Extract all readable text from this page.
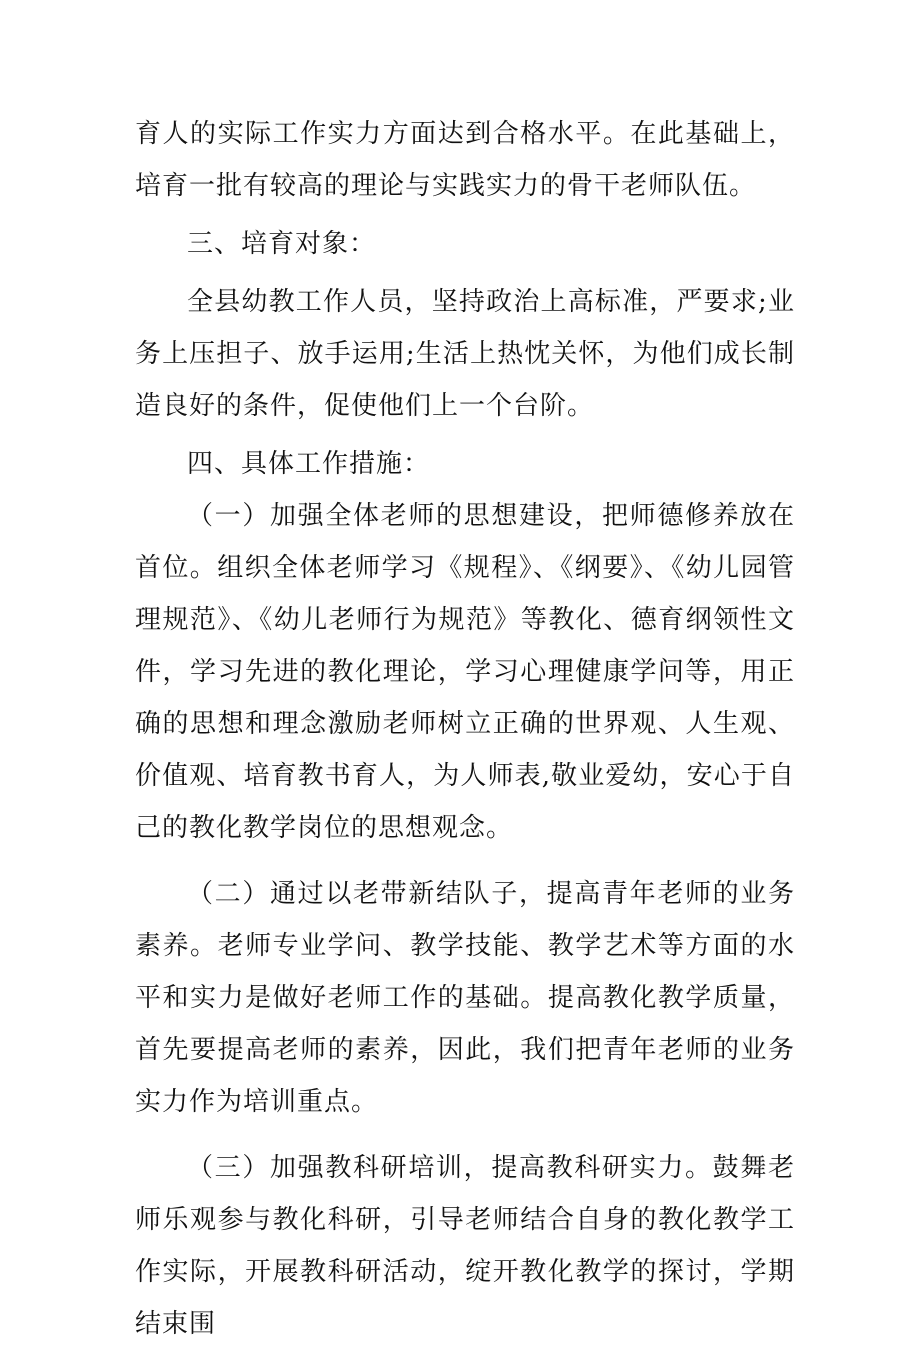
育人的实际工作实力方面达到合格水平。在此基础上，培育一批有较高的理论与实践实力的骨干老师队伍。

三、培育对象：

全县幼教工作人员，坚持政治上高标准，严要求;业务上压担子、放手运用;生活上热忱关怀，为他们成长制造良好的条件，促使他们上一个台阶。

四、具体工作措施：

（一）加强全体老师的思想建设，把师德修养放在首位。组织全体老师学习《规程》、《纲要》、《幼儿园管理规范》、《幼儿老师行为规范》等教化、德育纲领性文件，学习先进的教化理论，学习心理健康学问等，用正确的思想和理念激励老师树立正确的世界观、人生观、价值观、培育教书育人，为人师表,敬业爱幼，安心于自己的教化教学岗位的思想观念。

（二）通过以老带新结队子，提高青年老师的业务素养。老师专业学问、教学技能、教学艺术等方面的水平和实力是做好老师工作的基础。提高教化教学质量，首先要提高老师的素养，因此，我们把青年老师的业务实力作为培训重点。

（三）加强教科研培训，提高教科研实力。鼓舞老师乐观参与教化科研，引导老师结合自身的教化教学工作实际，开展教科研活动，绽开教化教学的探讨，学期结束围
